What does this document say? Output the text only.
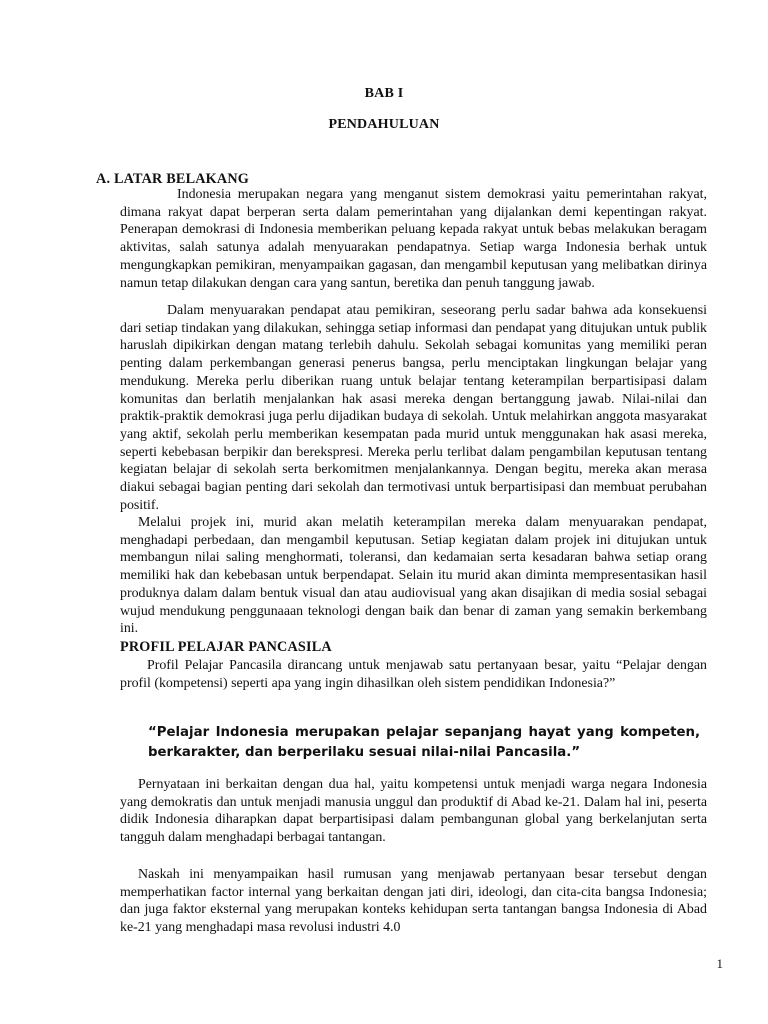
BAB I
PENDAHULUAN
A. LATAR BELAKANG
Indonesia merupakan negara yang menganut sistem demokrasi yaitu pemerintahan rakyat, dimana rakyat dapat berperan serta dalam pemerintahan yang dijalankan demi kepentingan rakyat. Penerapan demokrasi di Indonesia memberikan peluang kepada rakyat untuk bebas melakukan beragam aktivitas, salah satunya adalah menyuarakan pendapatnya. Setiap warga Indonesia berhak untuk mengungkapkan pemikiran, menyampaikan gagasan, dan mengambil keputusan yang melibatkan dirinya namun tetap dilakukan dengan cara yang santun, beretika dan penuh tanggung jawab.
Dalam menyuarakan pendapat atau pemikiran, seseorang perlu sadar bahwa ada konsekuensi dari setiap tindakan yang dilakukan, sehingga setiap informasi dan pendapat yang ditujukan untuk publik haruslah dipikirkan dengan matang terlebih dahulu. Sekolah sebagai komunitas yang memiliki peran penting dalam perkembangan generasi penerus bangsa, perlu menciptakan lingkungan belajar yang mendukung. Mereka perlu diberikan ruang untuk belajar tentang keterampilan berpartisipasi dalam komunitas dan berlatih menjalankan hak asasi mereka dengan bertanggung jawab. Nilai-nilai dan praktik-praktik demokrasi juga perlu dijadikan budaya di sekolah. Untuk melahirkan anggota masyarakat yang aktif, sekolah perlu memberikan kesempatan pada murid untuk menggunakan hak asasi mereka, seperti kebebasan berpikir dan berekspresi. Mereka perlu terlibat dalam pengambilan keputusan tentang kegiatan belajar di sekolah serta berkomitmen menjalankannya. Dengan begitu, mereka akan merasa diakui sebagai bagian penting dari sekolah dan termotivasi untuk berpartisipasi dan membuat perubahan positif.
Melalui projek ini, murid akan melatih keterampilan mereka dalam menyuarakan pendapat, menghadapi perbedaan, dan mengambil keputusan. Setiap kegiatan dalam projek ini ditujukan untuk membangun nilai saling menghormati, toleransi, dan kedamaian serta kesadaran bahwa setiap orang memiliki hak dan kebebasan untuk berpendapat. Selain itu murid akan diminta mempresentasikan hasil produknya dalam dalam bentuk visual dan atau audiovisual yang akan disajikan di media sosial sebagai wujud mendukung penggunaaan teknologi dengan baik dan benar di zaman yang semakin berkembang ini.
PROFIL PELAJAR PANCASILA
Profil Pelajar Pancasila dirancang untuk menjawab satu pertanyaan besar, yaitu “Pelajar dengan profil (kompetensi) seperti apa yang ingin dihasilkan oleh sistem pendidikan Indonesia?”
“Pelajar Indonesia merupakan pelajar sepanjang hayat yang kompeten, berkarakter, dan berperilaku sesuai nilai-nilai Pancasila.”
Pernyataan ini berkaitan dengan dua hal, yaitu kompetensi untuk menjadi warga negara Indonesia yang demokratis dan untuk menjadi manusia unggul dan produktif di Abad ke-21. Dalam hal ini, peserta didik Indonesia diharapkan dapat berpartisipasi dalam pembangunan global yang berkelanjutan serta tangguh dalam menghadapi berbagai tantangan.
Naskah ini menyampaikan hasil rumusan yang menjawab pertanyaan besar tersebut dengan memperhatikan factor internal yang berkaitan dengan jati diri, ideologi, dan cita-cita bangsa Indonesia; dan juga faktor eksternal yang merupakan konteks kehidupan serta tantangan bangsa Indonesia di Abad ke-21 yang menghadapi masa revolusi industri 4.0
1
